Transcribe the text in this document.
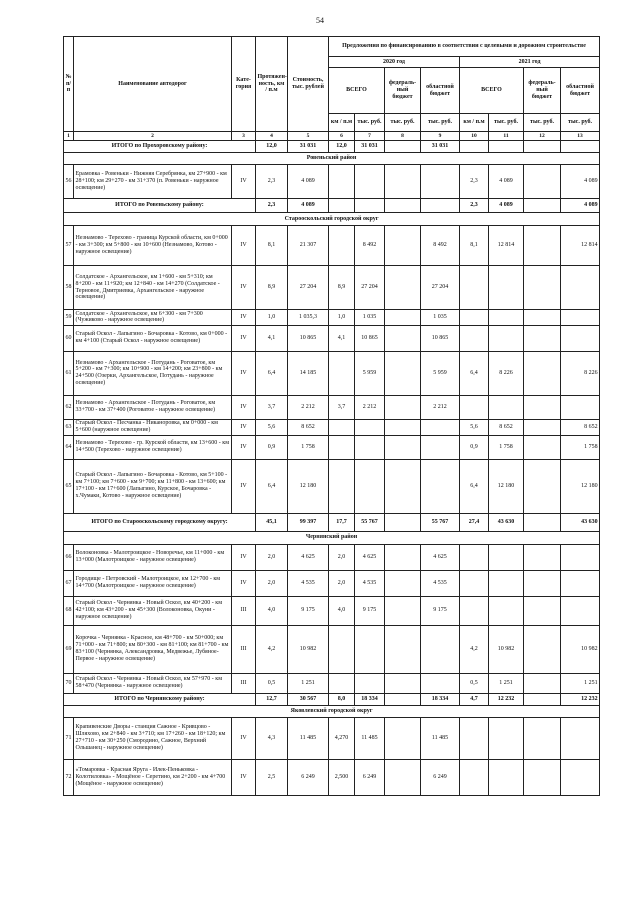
54
№ п/п	Наименование автодорог	Кате-гория	Протяжен-ность, км / п.м	Стоимость, тыс. рублей	Предложения по финансированию в соответствии с целевыми и дорожном строительстве							
					2020 год				2021 год			
					ВСЕГО		федераль-ный бюджет	областной бюджет	ВСЕГО		федераль-ный бюджет	областной бюджет
					км / п.м	тыс. руб.	тыс. руб.	тыс. руб.	км / п.м	тыс. руб.	тыс. руб.	тыс. руб.
1	2	3	4	5	6	7	8	9	10	11	12	13
ИТОГО по Прохоровскому району:			12,0	31 031	12,0	31 031		31 031				
Ровеньский район												
56	Ерамовка - Ровеньки - Нижняя Серебрянка, км 27+900 - км 28+100; км 29+270 - км 31+370 (п. Ровеньки - наружное освещение)	IV	2,3	4 089					2,3	4 089		4 089
ИТОГО по Ровеньскому району:			2,3	4 089					2,3	4 089		4 089
Старооскольский городской округ												
57	Незнамово - Терехово - граница Курской области, км 0+000 - км 3+300; км 5+800 - км 10+600 (Незнамово, Котово - наружное освещение)	IV	8,1	21 307		8 492		8 492	8,1	12 814		12 814
58	Солдатское - Архангельское, км 1+600 - км 5+310; км 8+200 - км 11+920; км 12+840 - км 14+270 (Солдатское - Терновое, Дмитриевка, Архангельское - наружное освещение)	IV	8,9	27 204	8,9	27 204		27 204				
59	Солдатское - Архангельское, км 6+300 - км 7+300 (Чужиково - наружное освещение)	IV	1,0	1 035,3	1,0	1 035		1 035				
60	Старый Оскол - Лапыгино - Бочаровка - Котово, км 0+000 - км 4+100 (Старый Оскол - наружное освещение)	IV	4,1	10 865	4,1	10 865		10 865				
61	Незнамово - Архангельское - Потудань - Роговатое, км 5+200 - км 7+300; км 10+900 - км 14+200; км 23+800 - км 24+500 (Озерки, Архангельское, Потудань - наружное освещение)	IV	6,4	14 185		5 959		5 959	6,4	8 226		8 226
62	Незнамово - Архангельское - Потудань - Роговатое, км 33+700 - км 37+400 (Роговатое - наружное освещение)	IV	3,7	2 212	3,7	2 212		2 212				
63	Старый Оскол - Песчанка - Никаноровка, км 0+000 - км 5+600 (наружное освещение)	IV	5,6	8 652					5,6	8 652		8 652
64	Незнамово - Терехово - гр. Курской области, км 13+600 - км 14+500 (Терехово - наружное освещение)	IV	0,9	1 758					0,9	1 758		1 758
65	Старый Оскол - Лапыгино - Бочаровка - Котово, км 5+100 - км 7+100; км 7+600 - км 9+700; км 11+800 - км 13+600; км 17+100 - км 17+600 (Лапыгино, Курское, Бочаровка - х.Чумаки, Котово - наружное освещение)	IV	6,4	12 180					6,4	12 180		12 180
ИТОГО по Старооскольскому городскому округу:			45,1	99 397	17,7	55 767		55 767	27,4	43 630		43 630
Чернянский район												
66	Волоконовка - Малотроицкое - Новоречье, км 11+000 - км 13+000 (Малотроицкое - наружное освещение)	IV	2,0	4 625	2,0	4 625		4 625				
67	Городище - Петровский - Малотроицкое, км 12+700 - км 14+700 (Малотроицкое - наружное освещение)	IV	2,0	4 535	2,0	4 535		4 535				
68	Старый Оскол - Чернянка - Новый Оскол, км 40+200 - км 42+100; км 43+200 - км 45+300 (Волоконовка, Окуни - наружное освещение)	III	4,0	9 175	4,0	9 175		9 175				
69	Корочка - Чернянка - Красное, км 48+700 - км 50+000; км 71+000 - км 71+800; км 80+300 - км 81+100; км 81+700 - км 83+100 (Чернянка, Александровка, Медвежье, Лубяное-Первое - наружное освещение)	III	4,2	10 982					4,2	10 982		10 982
70	Старый Оскол - Чернянка - Новый Оскол, км 57+970 - км 58+470 (Чернянка - наружное освещение)	III	0,5	1 251					0,5	1 251		1 251
ИТОГО по Чернянскому району:			12,7	30 567	8,0	18 334		18 334	4,7	12 232		12 232
Яковлевский городской округ												
71	Крапивенские Дворы - станция Сажное - Кривцово - Шляхово, км 2+840 - км 3+710; км 17+260 - км 18+120; км 27+710 - км 30+250 (Смородино, Сажное, Верхний Ольшанец - наружное освещение)	IV	4,3	11 485	4,270	11 485		11 485				
72	«Томаровка - Красная Яруга - Илек-Пеньковка - Колотиловка» - Мощёное - Серетино, км 2+200 - км 4+700 (Мощёное - наружное освещение)	IV	2,5	6 249	2,500	6 249		6 249				
